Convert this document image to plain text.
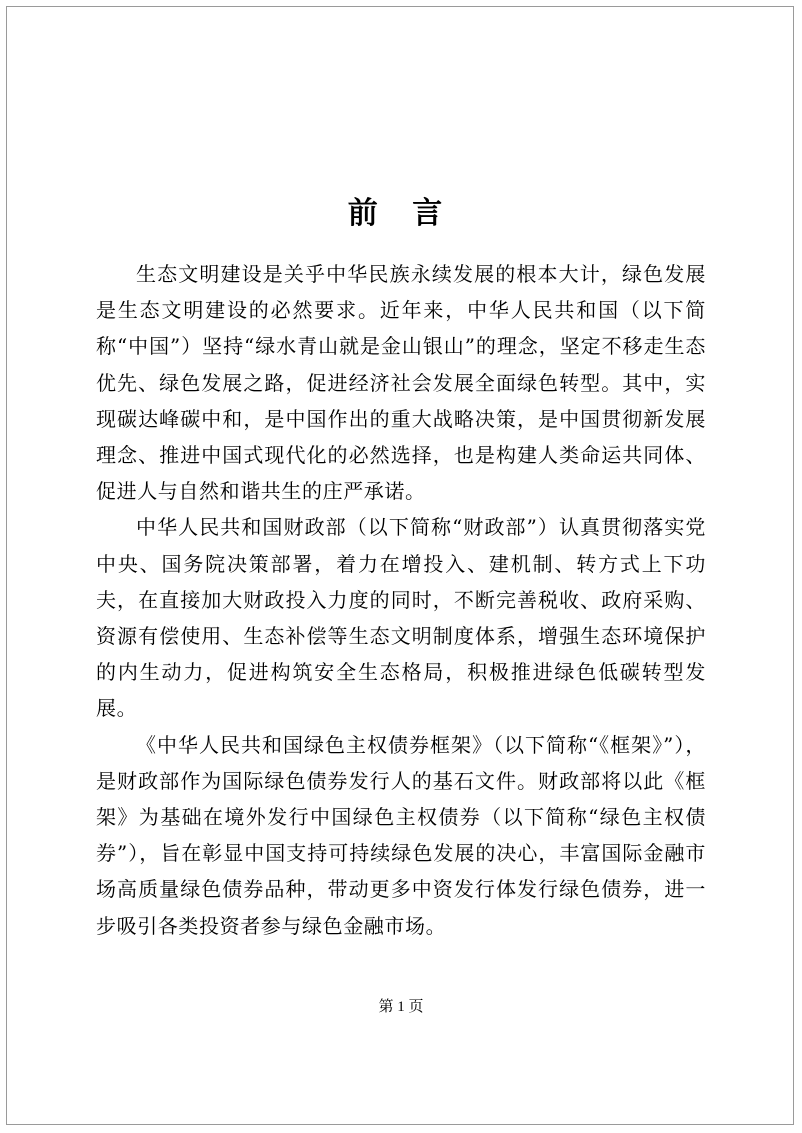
前 言

生态文明建设是关乎中华民族永续发展的根本大计，绿色发展是生态文明建设的必然要求。近年来，中华人民共和国（以下简称“中国”）坚持“绿水青山就是金山银山”的理念，坚定不移走生态优先、绿色发展之路，促进经济社会发展全面绿色转型。其中，实现碳达峰碳中和，是中国作出的重大战略决策，是中国贯彻新发展理念、推进中国式现代化的必然选择，也是构建人类命运共同体、促进人与自然和谐共生的庄严承诺。

中华人民共和国财政部（以下简称“财政部”）认真贯彻落实党中央、国务院决策部署，着力在增投入、建机制、转方式上下功夫，在直接加大财政投入力度的同时，不断完善税收、政府采购、资源有偿使用、生态补偿等生态文明制度体系，增强生态环境保护的内生动力，促进构筑安全生态格局，积极推进绿色低碳转型发展。

《中华人民共和国绿色主权债券框架》（以下简称“《框架》”），是财政部作为国际绿色债券发行人的基石文件。财政部将以此《框架》为基础在境外发行中国绿色主权债券（以下简称“绿色主权债券”），旨在彰显中国支持可持续绿色发展的决心，丰富国际金融市场高质量绿色债券品种，带动更多中资发行体发行绿色债券，进一步吸引各类投资者参与绿色金融市场。

第 1 页
